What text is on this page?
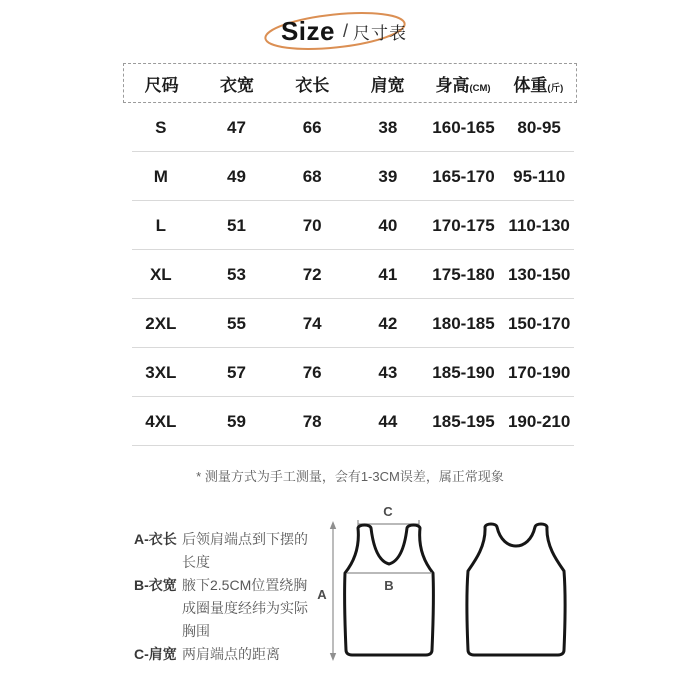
Size / 尺寸表
尺码	衣宽	衣长	肩宽	身高(CM)	体重(斤)
S	47	66	38	160-165	80-95
M	49	68	39	165-170	95-110
L	51	70	40	170-175 110-130
XL	53	72	41	175-180 130-150
2XL	55	74	42	180-185 150-170
3XL	57	76	43	185-190 170-190
4XL	59	78	44	185-195 190-210

* 测量方式为手工测量，会有1-3CM误差，属正常现象

A-衣长 后领肩端点到下摆的长度
B-衣宽 腋下2.5CM位置绕胸成圈量度经纬为实际胸围
C-肩宽 两肩端点的距离
A
C
B
